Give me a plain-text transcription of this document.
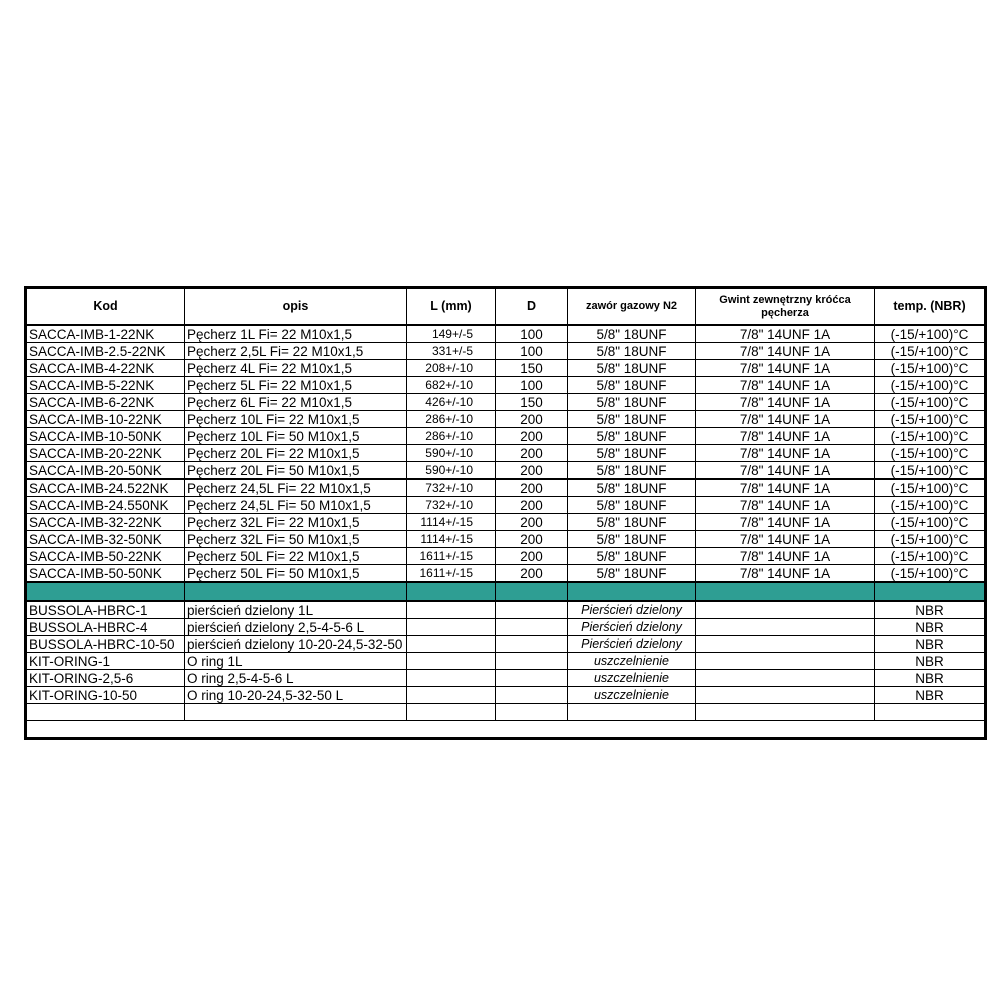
Kod	opis	L (mm)	D	zawór gazowy N2	Gwint zewnętrzny króćca pęcherza	temp. (NBR)
SACCA-IMB-1-22NK	Pęcherz 1L Fi= 22 M10x1,5	149+/-5	100	5/8" 18UNF	7/8" 14UNF 1A	(-15/+100)°C
SACCA-IMB-2.5-22NK	Pęcherz 2,5L Fi= 22 M10x1,5	331+/-5	100	5/8" 18UNF	7/8" 14UNF 1A	(-15/+100)°C
SACCA-IMB-4-22NK	Pęcherz 4L Fi= 22 M10x1,5	208+/-10	150	5/8" 18UNF	7/8" 14UNF 1A	(-15/+100)°C
SACCA-IMB-5-22NK	Pęcherz 5L Fi= 22 M10x1,5	682+/-10	100	5/8" 18UNF	7/8" 14UNF 1A	(-15/+100)°C
SACCA-IMB-6-22NK	Pęcherz 6L Fi= 22 M10x1,5	426+/-10	150	5/8" 18UNF	7/8" 14UNF 1A	(-15/+100)°C
SACCA-IMB-10-22NK	Pęcherz 10L Fi= 22 M10x1,5	286+/-10	200	5/8" 18UNF	7/8" 14UNF 1A	(-15/+100)°C
SACCA-IMB-10-50NK	Pęcherz 10L Fi= 50 M10x1,5	286+/-10	200	5/8" 18UNF	7/8" 14UNF 1A	(-15/+100)°C
SACCA-IMB-20-22NK	Pęcherz 20L Fi= 22 M10x1,5	590+/-10	200	5/8" 18UNF	7/8" 14UNF 1A	(-15/+100)°C
SACCA-IMB-20-50NK	Pęcherz 20L Fi= 50 M10x1,5	590+/-10	200	5/8" 18UNF	7/8" 14UNF 1A	(-15/+100)°C
SACCA-IMB-24.522NK	Pęcherz 24,5L Fi= 22 M10x1,5	732+/-10	200	5/8" 18UNF	7/8" 14UNF 1A	(-15/+100)°C
SACCA-IMB-24.550NK	Pęcherz 24,5L Fi= 50 M10x1,5	732+/-10	200	5/8" 18UNF	7/8" 14UNF 1A	(-15/+100)°C
SACCA-IMB-32-22NK	Pęcherz 32L Fi= 22 M10x1,5	1114+/-15	200	5/8" 18UNF	7/8" 14UNF 1A	(-15/+100)°C
SACCA-IMB-32-50NK	Pęcherz 32L Fi= 50 M10x1,5	1114+/-15	200	5/8" 18UNF	7/8" 14UNF 1A	(-15/+100)°C
SACCA-IMB-50-22NK	Pęcherz 50L Fi= 22 M10x1,5	1611+/-15	200	5/8" 18UNF	7/8" 14UNF 1A	(-15/+100)°C
SACCA-IMB-50-50NK	Pęcherz 50L Fi= 50 M10x1,5	1611+/-15	200	5/8" 18UNF	7/8" 14UNF 1A	(-15/+100)°C

BUSSOLA-HBRC-1	pierścień dzielony 1L			Pierścień dzielony		NBR
BUSSOLA-HBRC-4	pierścień dzielony 2,5-4-5-6 L			Pierścień dzielony		NBR
BUSSOLA-HBRC-10-50	pierścień dzielony 10-20-24,5-32-50			Pierścień dzielony		NBR
KIT-ORING-1	O ring 1L			uszczelnienie		NBR
KIT-ORING-2,5-6	O ring 2,5-4-5-6 L			uszczelnienie		NBR
KIT-ORING-10-50	O ring 10-20-24,5-32-50 L			uszczelnienie		NBR
